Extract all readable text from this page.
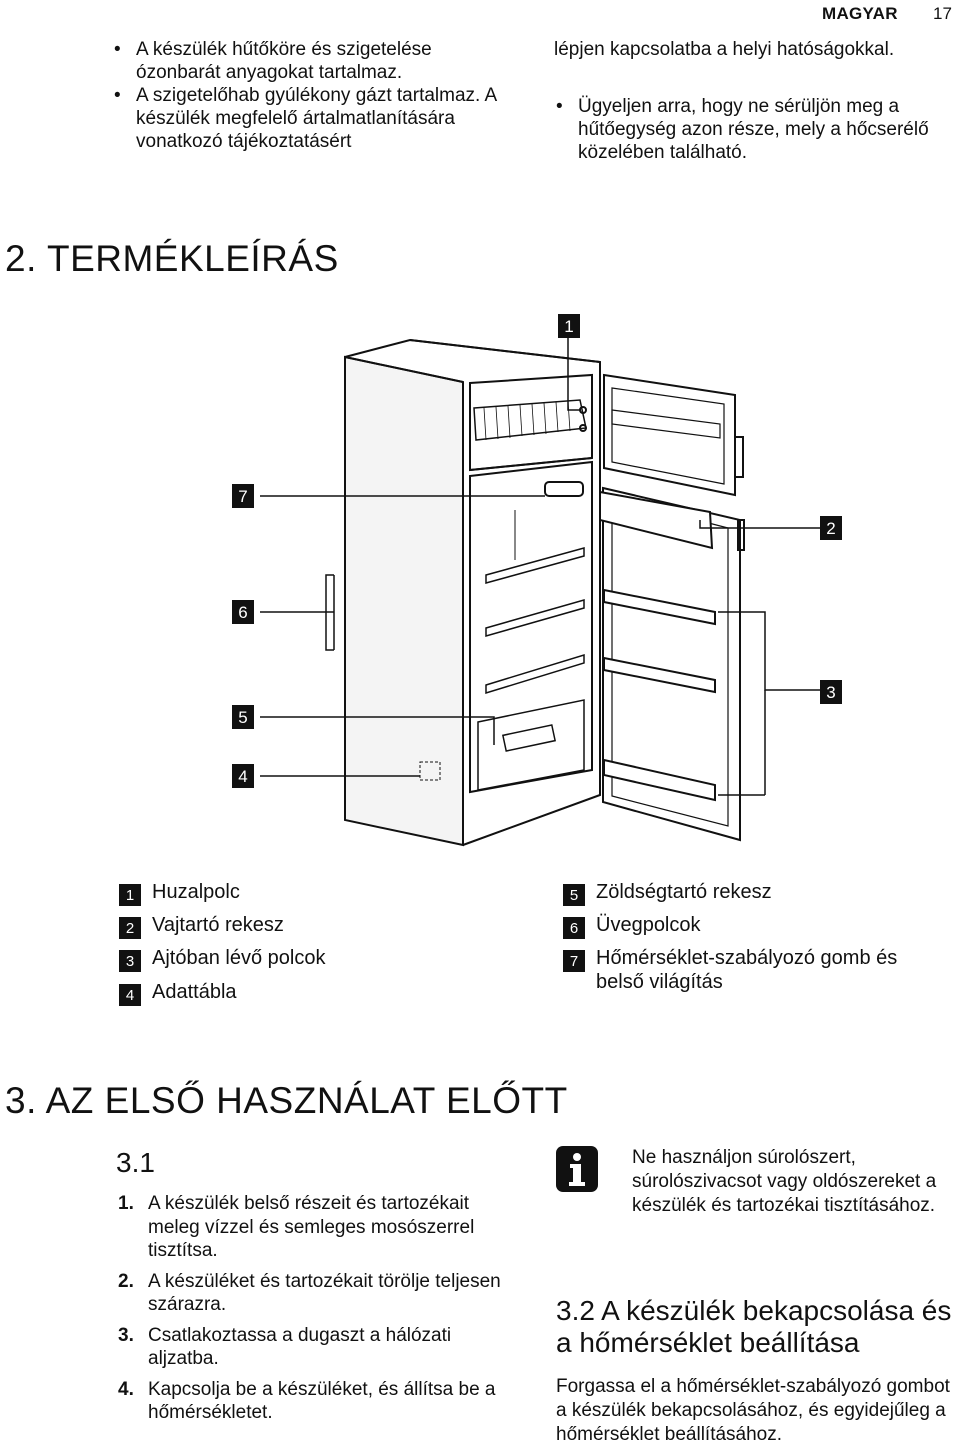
MAGYAR 17
• A készülék hűtőköre és szigetelése ózonbarát anyagokat tartalmaz.
• A szigetelőhab gyúlékony gázt tartalmaz. A készülék megfelelő ártalmatlanítására vonatkozó tájékoztatásért
lépjen kapcsolatba a helyi hatóságokkal.
• Ügyeljen arra, hogy ne sérüljön meg a hűtőegység azon része, mely a hőcserélő közelében található.
2. TERMÉKLEÍRÁS
1
2
3
4
5
6
7
1 Huzalpolc
2 Vajtartó rekesz
3 Ajtóban lévő polcok
4 Adattábla
5 Zöldségtartó rekesz
6 Üvegpolcok
7 Hőmérséklet-szabályozó gomb és belső világítás
3. AZ ELSŐ HASZNÁLAT ELŐTT
3.1
1. A készülék belső részeit és tartozékait meleg vízzel és semleges mosószerrel tisztítsa.
2. A készüléket és tartozékait törölje teljesen szárazra.
3. Csatlakoztassa a dugaszt a hálózati aljzatba.
4. Kapcsolja be a készüléket, és állítsa be a hőmérsékletet.
Ne használjon súrolószert, súrolószivacsot vagy oldószereket a készülék és tartozékai tisztításához.
3.2 A készülék bekapcsolása és a hőmérséklet beállítása
Forgassa el a hőmérséklet-szabályozó gombot a készülék bekapcsolásához, és egyidejűleg a hőmérséklet beállításához.
